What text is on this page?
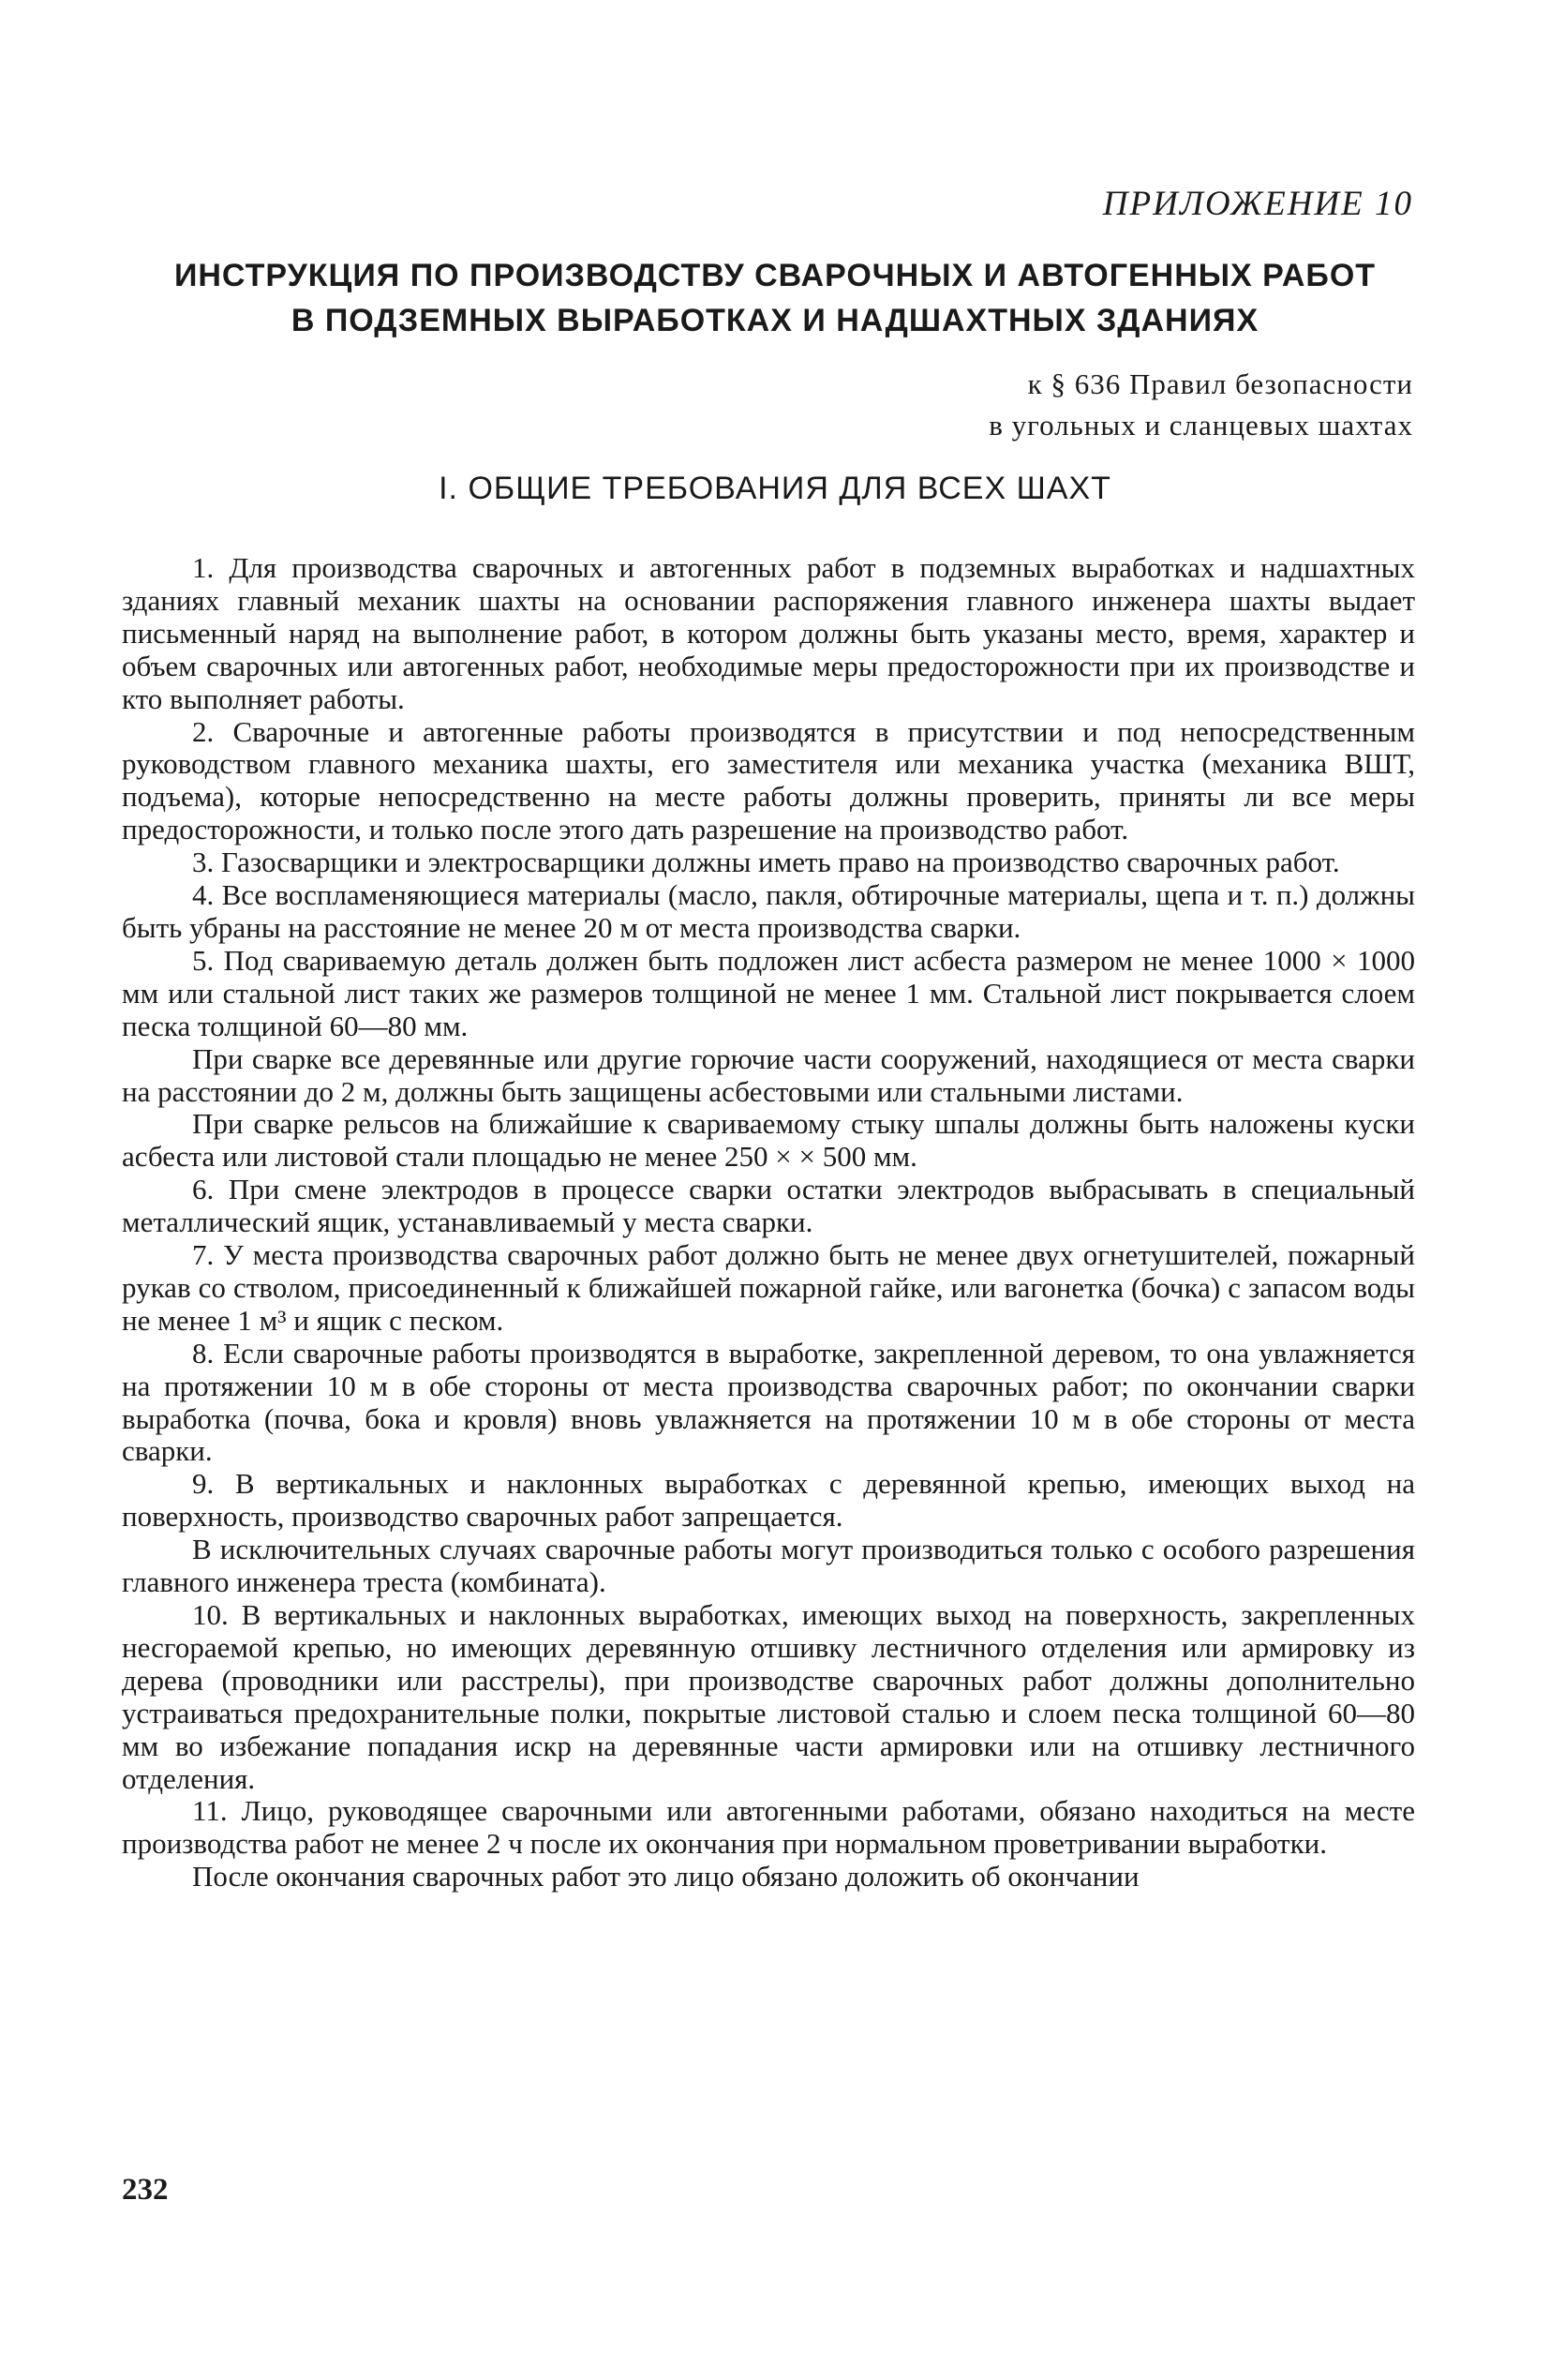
ПРИЛОЖЕНИЕ 10
ИНСТРУКЦИЯ ПО ПРОИЗВОДСТВУ СВАРОЧНЫХ И АВТОГЕННЫХ РАБОТ
В ПОДЗЕМНЫХ ВЫРАБОТКАХ И НАДШАХТНЫХ ЗДАНИЯХ
к § 636 Правил безопасности
в угольных и сланцевых шахтах
I. ОБЩИЕ ТРЕБОВАНИЯ ДЛЯ ВСЕХ ШАХТ

1. Для производства сварочных и автогенных работ в подземных выработках и надшахтных зданиях главный механик шахты на основании распоряжения главного инженера шахты выдает письменный наряд на выполнение работ, в котором должны быть указаны место, время, характер и объем сварочных или автогенных работ, необходимые меры предосторожности при их производстве и кто выполняет работы.

2. Сварочные и автогенные работы производятся в присутствии и под непосредственным руководством главного механика шахты, его заместителя или механика участка (механика ВШТ, подъема), которые непосредственно на месте работы должны проверить, приняты ли все меры предосторожности, и только после этого дать разрешение на производство работ.

3. Газосварщики и электросварщики должны иметь право на производство сварочных работ.

4. Все воспламеняющиеся материалы (масло, пакля, обтирочные материалы, щепа и т. п.) должны быть убраны на расстояние не менее 20 м от места производства сварки.

5. Под свариваемую деталь должен быть подложен лист асбеста размером не менее 1000 × 1000 мм или стальной лист таких же размеров толщиной не менее 1 мм. Стальной лист покрывается слоем песка толщиной 60—80 мм.

При сварке все деревянные или другие горючие части сооружений, находящиеся от места сварки на расстоянии до 2 м, должны быть защищены асбестовыми или стальными листами.

При сварке рельсов на ближайшие к свариваемому стыку шпалы должны быть наложены куски асбеста или листовой стали площадью не менее 250 × × 500 мм.

6. При смене электродов в процессе сварки остатки электродов выбрасывать в специальный металлический ящик, устанавливаемый у места сварки.

7. У места производства сварочных работ должно быть не менее двух огнетушителей, пожарный рукав со стволом, присоединенный к ближайшей пожарной гайке, или вагонетка (бочка) с запасом воды не менее 1 м³ и ящик с песком.

8. Если сварочные работы производятся в выработке, закрепленной деревом, то она увлажняется на протяжении 10 м в обе стороны от места производства сварочных работ; по окончании сварки выработка (почва, бока и кровля) вновь увлажняется на протяжении 10 м в обе стороны от места сварки.

9. В вертикальных и наклонных выработках с деревянной крепью, имеющих выход на поверхность, производство сварочных работ запрещается.

В исключительных случаях сварочные работы могут производиться только с особого разрешения главного инженера треста (комбината).

10. В вертикальных и наклонных выработках, имеющих выход на поверхность, закрепленных несгораемой крепью, но имеющих деревянную отшивку лестничного отделения или армировку из дерева (проводники или расстрелы), при производстве сварочных работ должны дополнительно устраиваться предохранительные полки, покрытые листовой сталью и слоем песка толщиной 60—80 мм во избежание попадания искр на деревянные части армировки или на отшивку лестничного отделения.

11. Лицо, руководящее сварочными или автогенными работами, обязано находиться на месте производства работ не менее 2 ч после их окончания при нормальном проветривании выработки.

После окончания сварочных работ это лицо обязано доложить об окончании

232
